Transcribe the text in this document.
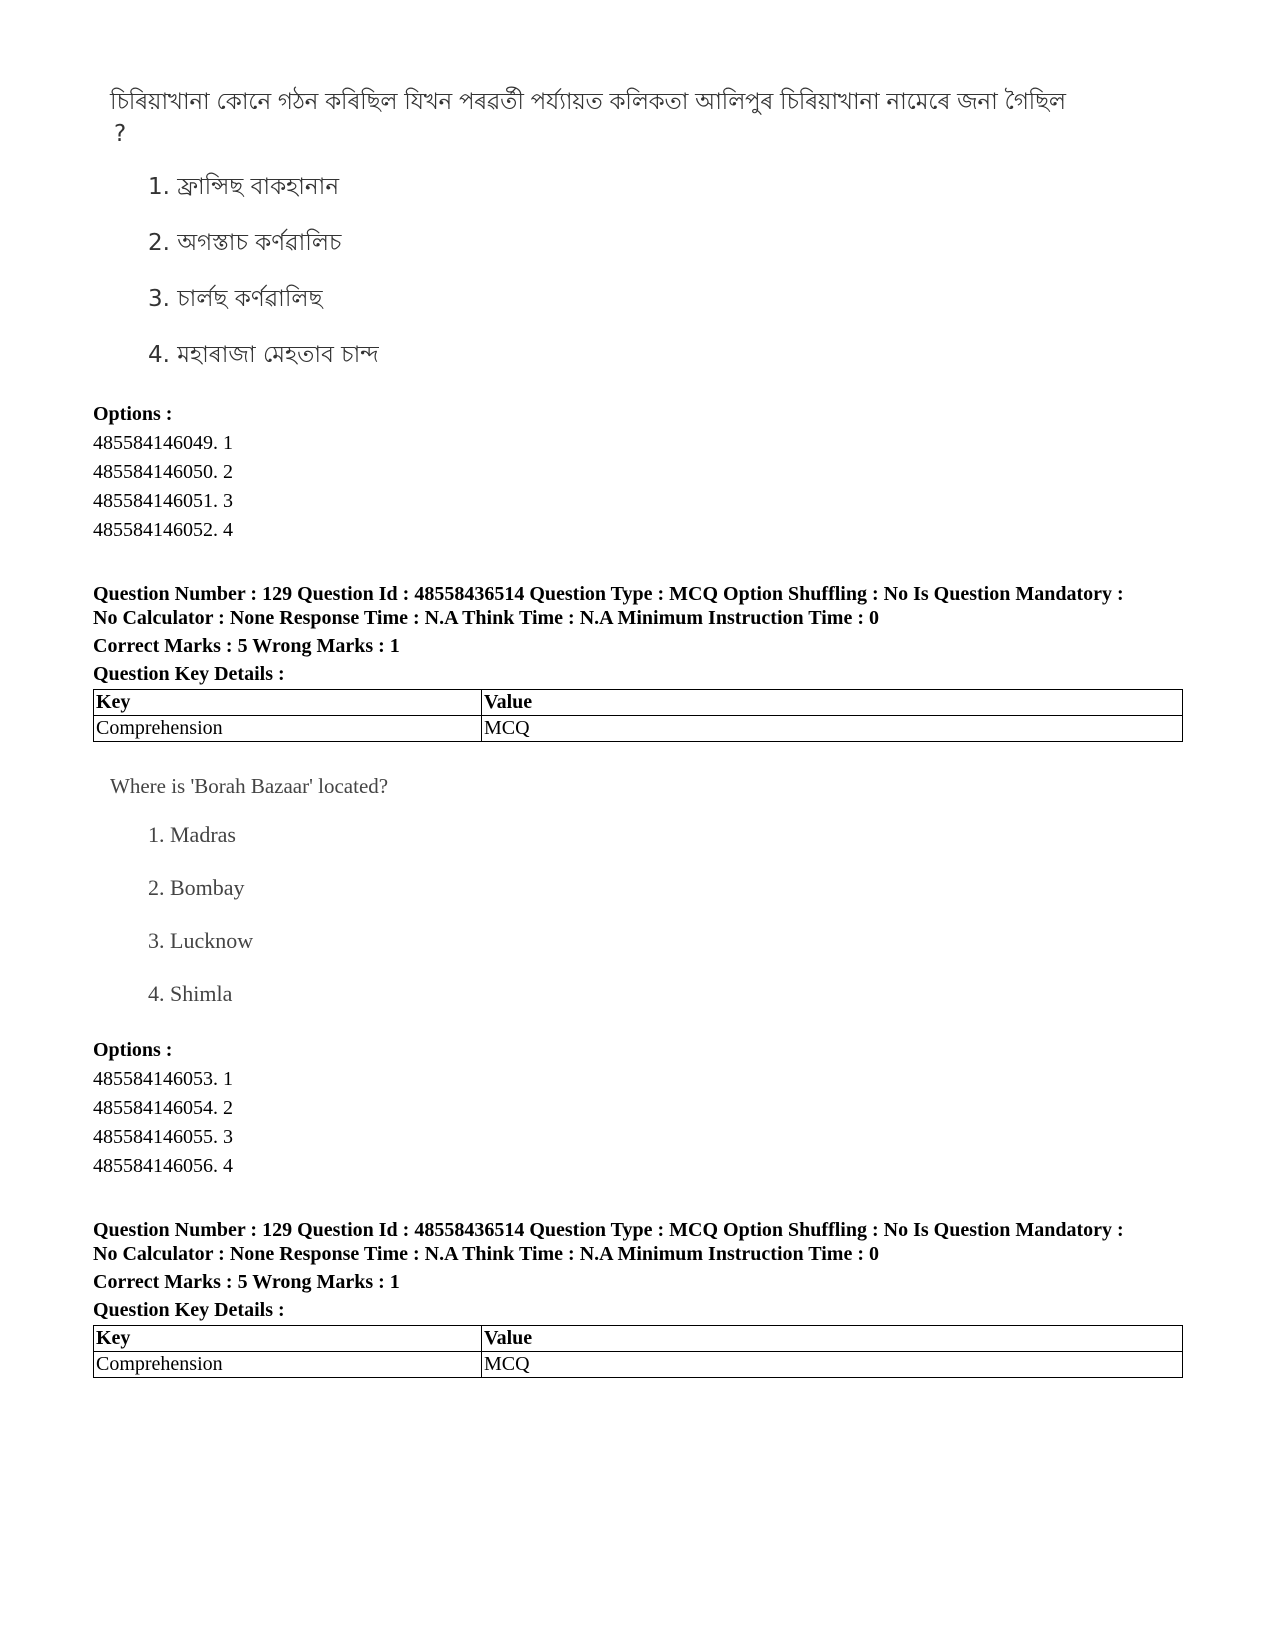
চিৰিয়াখানা কোনে গঠন কৰিছিল যিখন পৰৱৰ্তী পৰ্য্যায়ত কলিকতা আলিপুৰ চিৰিয়াখানা নামেৰে জনা গৈছিল

?

1. ফ্ৰান্সিছ বাকহানান
2. অগস্তাচ কৰ্ণৱালিচ
3. চাৰ্লছ কৰ্ণৱালিছ
4. মহাৰাজা মেহতাব চান্দ
Options :
485584146049. 1
485584146050. 2
485584146051. 3
485584146052. 4
Question Number : 129 Question Id : 48558436514 Question Type : MCQ Option Shuffling : No Is Question Mandatory :
No Calculator : None Response Time : N.A Think Time : N.A Minimum Instruction Time : 0
Correct Marks : 5 Wrong Marks : 1
Question Key Details :
Key	Value
Comprehension	MCQ

Where is 'Borah Bazaar' located?

1. Madras
2. Bombay
3. Lucknow
4. Shimla
Options :
485584146053. 1
485584146054. 2
485584146055. 3
485584146056. 4
Question Number : 129 Question Id : 48558436514 Question Type : MCQ Option Shuffling : No Is Question Mandatory :
No Calculator : None Response Time : N.A Think Time : N.A Minimum Instruction Time : 0
Correct Marks : 5 Wrong Marks : 1
Question Key Details :
Key	Value
Comprehension	MCQ
